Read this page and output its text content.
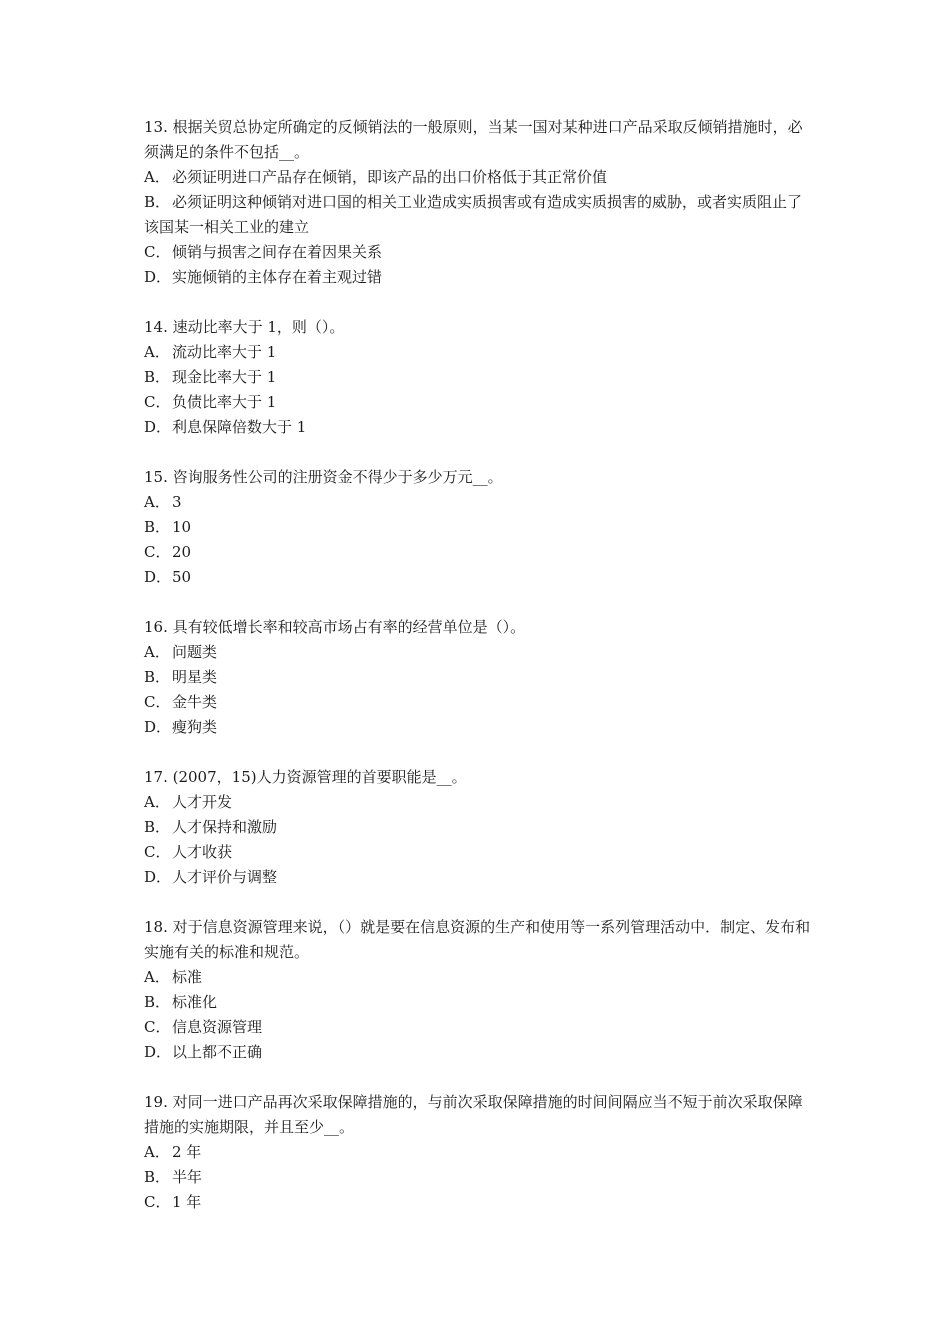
13. 根据关贸总协定所确定的反倾销法的一般原则，当某一国对某种进口产品采取反倾销措施时，必须满足的条件不包括__。
A． 必须证明进口产品存在倾销，即该产品的出口价格低于其正常价值
B． 必须证明这种倾销对进口国的相关工业造成实质损害或有造成实质损害的威胁，或者实质阻止了该国某一相关工业的建立
C． 倾销与损害之间存在着因果关系
D．实施倾销的主体存在着主观过错
14. 速动比率大于 1，则（）。
A． 流动比率大于 1
B． 现金比率大于 1
C． 负债比率大于 1
D．利息保障倍数大于 1
15. 咨询服务性公司的注册资金不得少于多少万元__。
A． 3
B． 10
C． 20
D．50
16. 具有较低增长率和较高市场占有率的经营单位是（）。
A． 问题类
B． 明星类
C． 金牛类
D．瘦狗类
17. (2007，15)人力资源管理的首要职能是__。
A． 人才开发
B． 人才保持和激励
C． 人才收获
D．人才评价与调整
18. 对于信息资源管理来说，（）就是要在信息资源的生产和使用等一系列管理活动中．制定、发布和实施有关的标准和规范。
A． 标准
B． 标准化
C． 信息资源管理
D．以上都不正确
19. 对同一进口产品再次采取保障措施的，与前次采取保障措施的时间间隔应当不短于前次采取保障措施的实施期限，并且至少__。
A． 2 年
B． 半年
C． 1 年
